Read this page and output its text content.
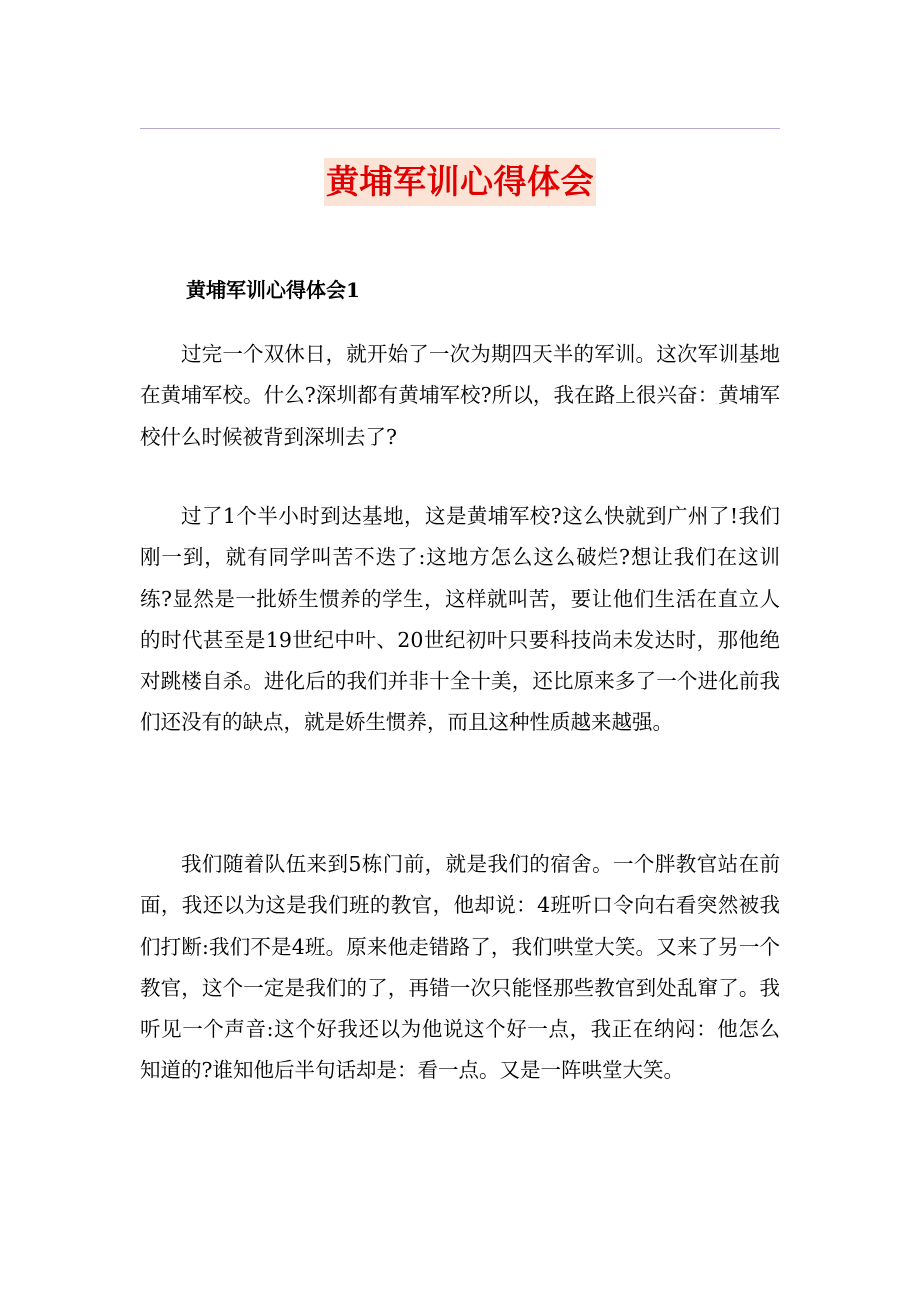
黄埔军训心得体会
黄埔军训心得体会1

过完一个双休日，就开始了一次为期四天半的军训。这次军训基地在黄埔军校。什么?深圳都有黄埔军校?所以，我在路上很兴奋：黄埔军校什么时候被背到深圳去了?

过了1个半小时到达基地，这是黄埔军校?这么快就到广州了!我们刚一到，就有同学叫苦不迭了:这地方怎么这么破烂?想让我们在这训练?显然是一批娇生惯养的学生，这样就叫苦，要让他们生活在直立人的时代甚至是19世纪中叶、20世纪初叶只要科技尚未发达时，那他绝对跳楼自杀。进化后的我们并非十全十美，还比原来多了一个进化前我们还没有的缺点，就是娇生惯养，而且这种性质越来越强。

我们随着队伍来到5栋门前，就是我们的宿舍。一个胖教官站在前面，我还以为这是我们班的教官，他却说：4班听口令向右看突然被我们打断:我们不是4班。原来他走错路了，我们哄堂大笑。又来了另一个教官，这个一定是我们的了，再错一次只能怪那些教官到处乱窜了。我听见一个声音:这个好我还以为他说这个好一点，我正在纳闷：他怎么知道的?谁知他后半句话却是：看一点。又是一阵哄堂大笑。
